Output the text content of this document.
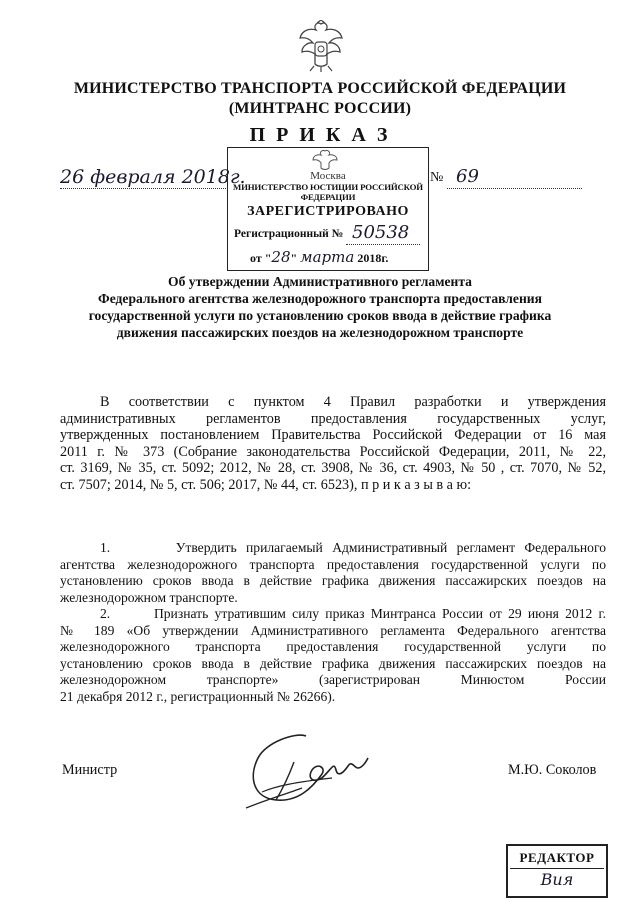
МИНИСТЕРСТВО ТРАНСПОРТА РОССИЙСКОЙ ФЕДЕРАЦИИ
(МИНТРАНС РОССИИ)
П Р И К А З
26 февраля 2018г.	Москва
МИНИСТЕРСТВО ЮСТИЦИИ РОССИЙСКОЙ ФЕДЕРАЦИИ
ЗАРЕГИСТРИРОВАНО
Регистрационный № 50538
от "28" марта 2018г.
№ 69
Об утверждении Административного регламента
Федерального агентства железнодорожного транспорта предоставления
государственной услуги по установлению сроков ввода в действие графика
движения пассажирских поездов на железнодорожном транспорте
В соответствии с пунктом 4 Правил разработки и утверждения
административных регламентов предоставления государственных услуг,
утвержденных постановлением Правительства Российской Федерации от 16 мая
2011 г. № 373 (Собрание законодательства Российской Федерации, 2011, № 22,
ст. 3169, № 35, ст. 5092; 2012, № 28, ст. 3908, № 36, ст. 4903, № 50 , ст. 7070, № 52,
ст. 7507; 2014, № 5, ст. 506; 2017, № 44, ст. 6523), п р и к а з ы в а ю:
1.       Утвердить прилагаемый Административный регламент Федерального
агентства железнодорожного транспорта предоставления государственной услуги по
установлению сроков ввода в действие графика движения пассажирских поездов на
железнодорожном транспорте.
2.       Признать утратившим силу приказ Минтранса России от 29 июня 2012 г.
№ 189 «Об утверждении Административного регламента Федерального агентства
железнодорожного транспорта предоставления государственной услуги по
установлению сроков ввода в действие графика движения пассажирских поездов на
железнодорожном транспорте» (зарегистрирован Минюстом России
21 декабря 2012 г., регистрационный № 26266).
Министр	М.Ю. Соколов
РЕДАКТОР
Вия
